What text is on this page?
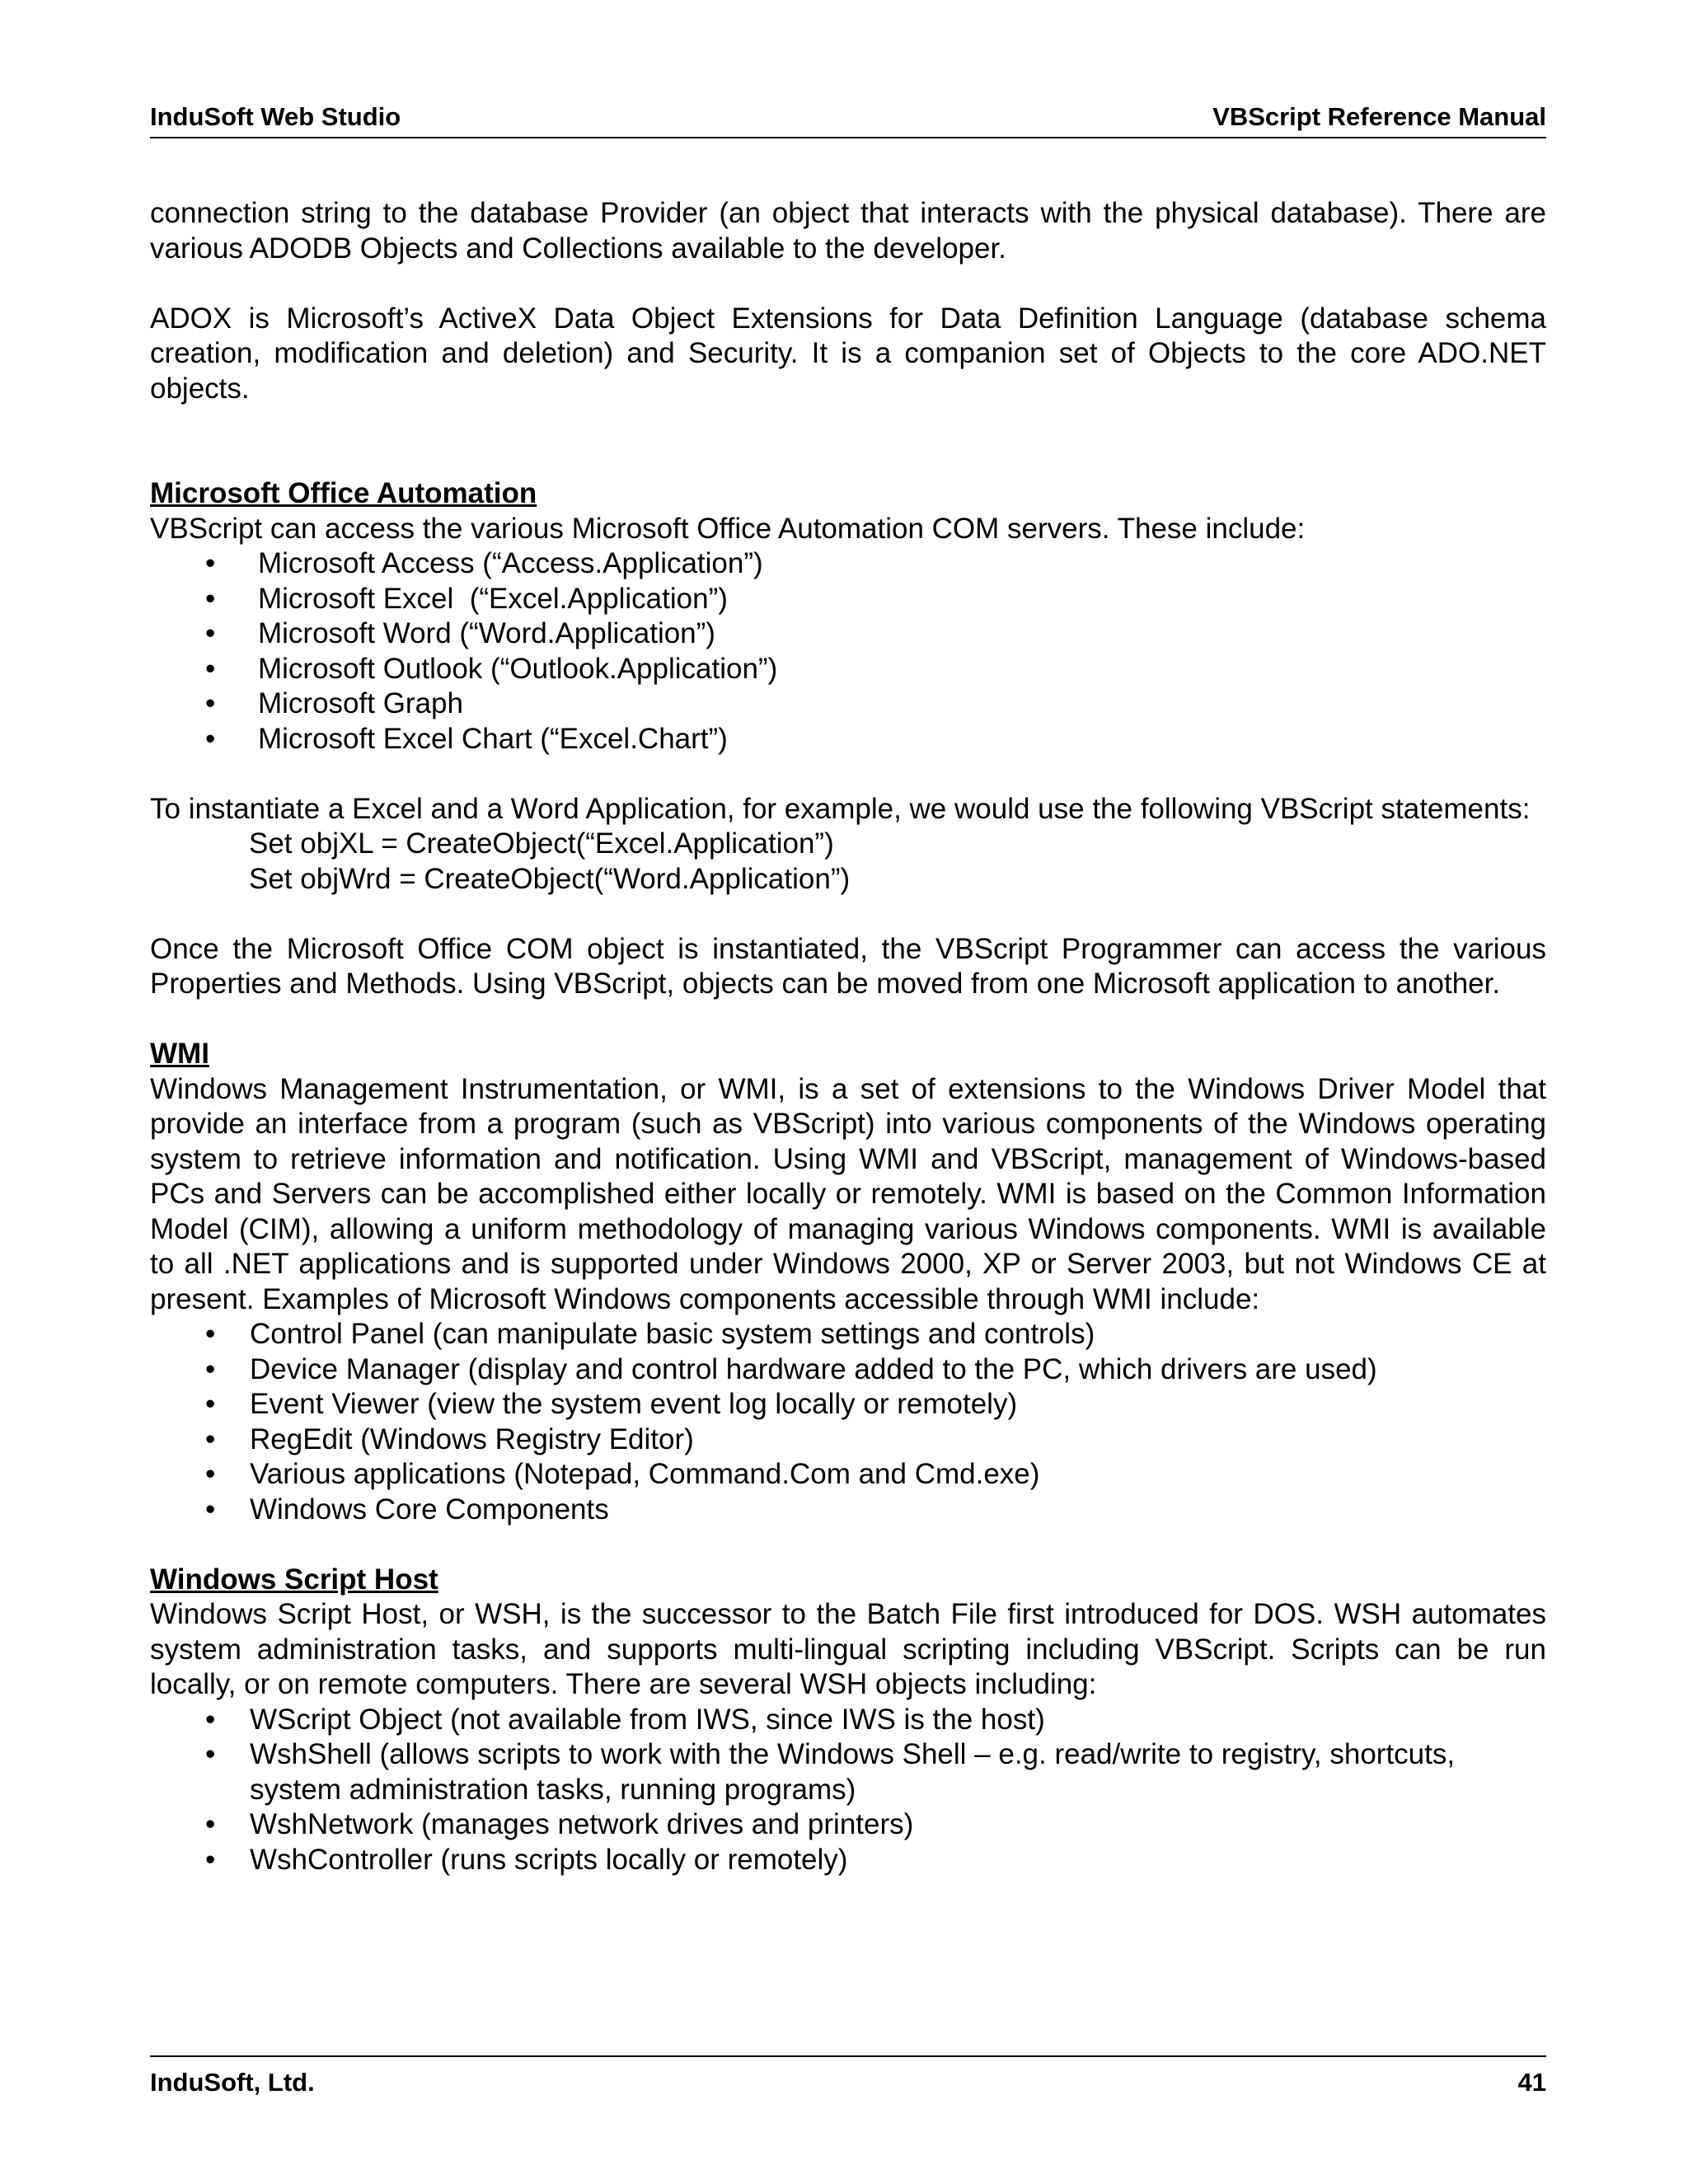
InduSoft Web Studio	VBScript Reference Manual

connection string to the database Provider (an object that interacts with the physical database). There are various ADODB Objects and Collections available to the developer.

ADOX is Microsoft’s ActiveX Data Object Extensions for Data Definition Language (database schema creation, modification and deletion) and Security. It is a companion set of Objects to the core ADO.NET objects.

Microsoft Office Automation

VBScript can access the various Microsoft Office Automation COM servers. These include:

• Microsoft Access (“Access.Application”)
• Microsoft Excel  (“Excel.Application”)
• Microsoft Word (“Word.Application”)
• Microsoft Outlook (“Outlook.Application”)
• Microsoft Graph
• Microsoft Excel Chart (“Excel.Chart”)

To instantiate a Excel and a Word Application, for example, we would use the following VBScript statements:

Set objXL = CreateObject(“Excel.Application”)
Set objWrd = CreateObject(“Word.Application”)

Once the Microsoft Office COM object is instantiated, the VBScript Programmer can access the various Properties and Methods. Using VBScript, objects can be moved from one Microsoft application to another.

WMI

Windows Management Instrumentation, or WMI, is a set of extensions to the Windows Driver Model that provide an interface from a program (such as VBScript) into various components of the Windows operating system to retrieve information and notification. Using WMI and VBScript, management of Windows-based PCs and Servers can be accomplished either locally or remotely. WMI is based on the Common Information Model (CIM), allowing a uniform methodology of managing various Windows components. WMI is available to all .NET applications and is supported under Windows 2000, XP or Server 2003, but not Windows CE at present. Examples of Microsoft Windows components accessible through WMI include:

• Control Panel (can manipulate basic system settings and controls)
• Device Manager (display and control hardware added to the PC, which drivers are used)
• Event Viewer (view the system event log locally or remotely)
• RegEdit (Windows Registry Editor)
• Various applications (Notepad, Command.Com and Cmd.exe)
• Windows Core Components
Windows Script Host

Windows Script Host, or WSH, is the successor to the Batch File first introduced for DOS. WSH automates system administration tasks, and supports multi-lingual scripting including VBScript. Scripts can be run locally, or on remote computers. There are several WSH objects including:

• WScript Object (not available from IWS, since IWS is the host)
• WshShell (allows scripts to work with the Windows Shell – e.g. read/write to registry, shortcuts, system administration tasks, running programs)
• WshNetwork (manages network drives and printers)
• WshController (runs scripts locally or remotely)
InduSoft, Ltd.	41
